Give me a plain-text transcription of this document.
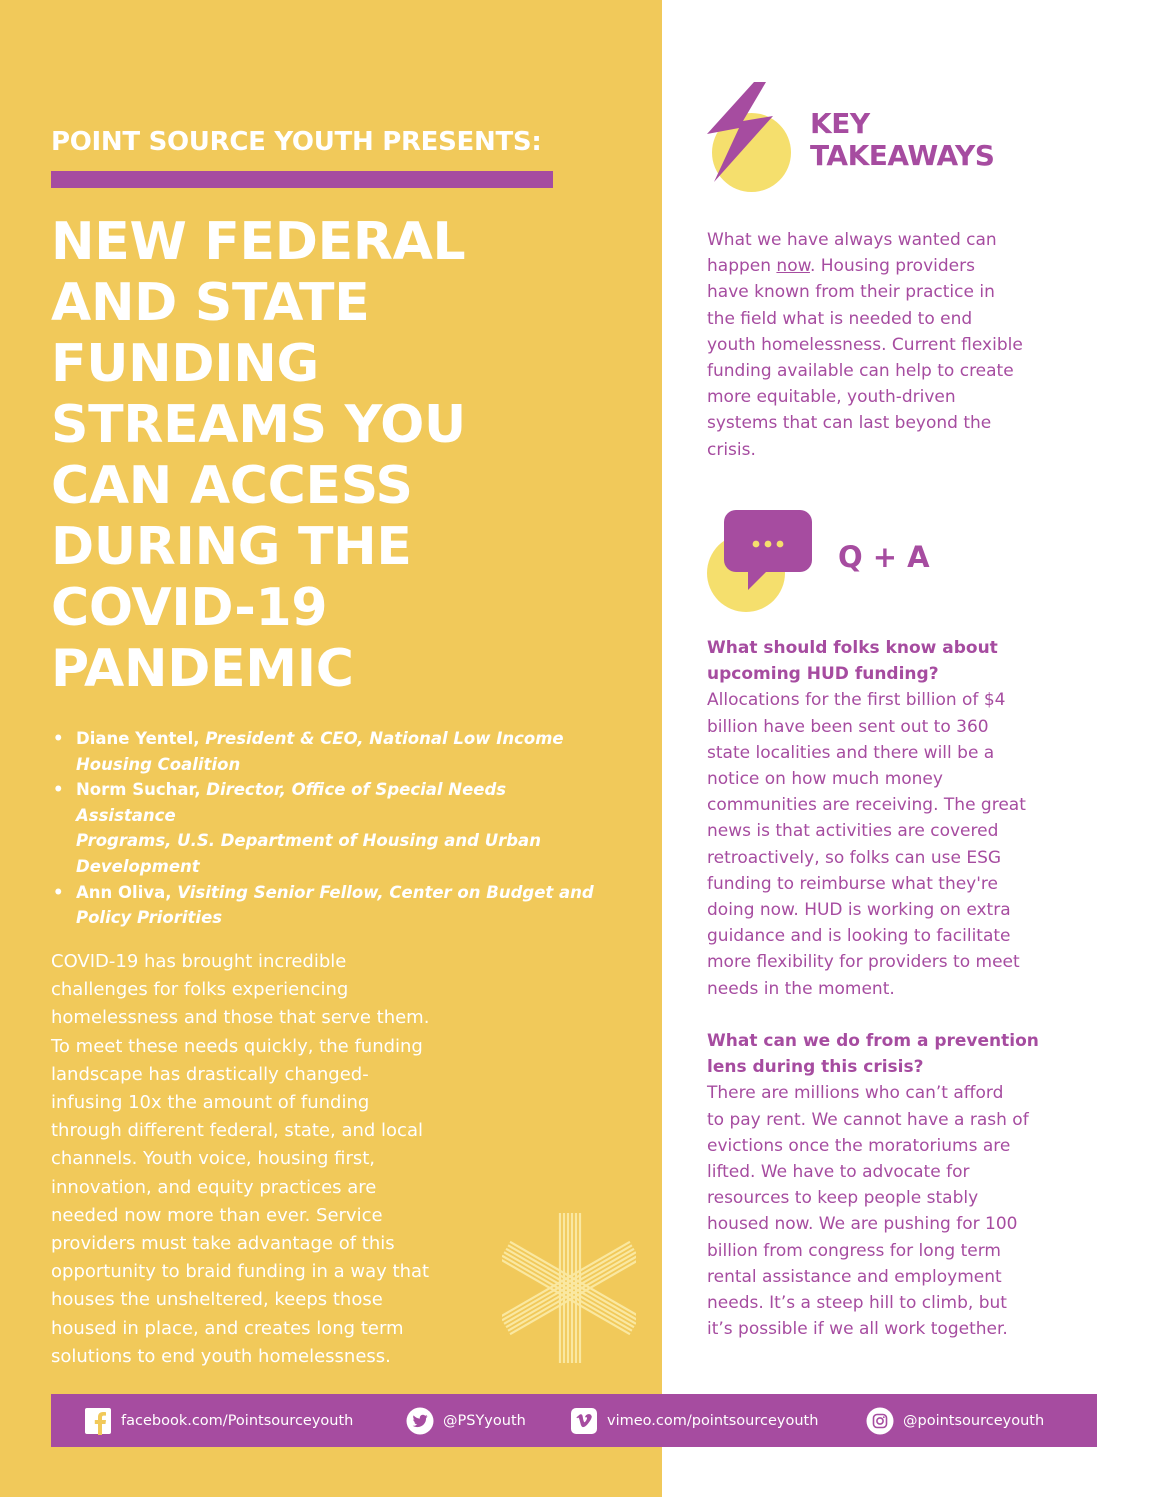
POINT SOURCE YOUTH PRESENTS:
NEW FEDERAL
AND STATE
FUNDING
STREAMS YOU
CAN ACCESS
DURING THE
COVID-19
PANDEMIC
• Diane Yentel, President & CEO, National Low Income
Housing Coalition
• Norm Suchar, Director, Office of Special Needs Assistance
Programs, U.S. Department of Housing and Urban
Development
• Ann Oliva, Visiting Senior Fellow, Center on Budget and
Policy Priorities
COVID-19 has brought incredible
challenges for folks experiencing
homelessness and those that serve them.
To meet these needs quickly, the funding
landscape has drastically changed-
infusing 10x the amount of funding
through different federal, state, and local
channels. Youth voice, housing first,
innovation, and equity practices are
needed now more than ever. Service
providers must take advantage of this
opportunity to braid funding in a way that
houses the unsheltered, keeps those
housed in place, and creates long term
solutions to end youth homelessness.
KEY
TAKEAWAYS
What we have always wanted can
happen now. Housing providers
have known from their practice in
the field what is needed to end
youth homelessness. Current flexible
funding available can help to create
more equitable, youth-driven
systems that can last beyond the
crisis.
Q + A
What should folks know about
upcoming HUD funding?
Allocations for the first billion of $4
billion have been sent out to 360
state localities and there will be a
notice on how much money
communities are receiving. The great
news is that activities are covered
retroactively, so folks can use ESG
funding to reimburse what they're
doing now. HUD is working on extra
guidance and is looking to facilitate
more flexibility for providers to meet
needs in the moment.
What can we do from a prevention
lens during this crisis?
There are millions who can’t afford
to pay rent. We cannot have a rash of
evictions once the moratoriums are
lifted. We have to advocate for
resources to keep people stably
housed now. We are pushing for 100
billion from congress for long term
rental assistance and employment
needs. It’s a steep hill to climb, but
it’s possible if we all work together.
facebook.com/Pointsourceyouth	@PSYyouth	vimeo.com/pointsourceyouth	@pointsourceyouth
